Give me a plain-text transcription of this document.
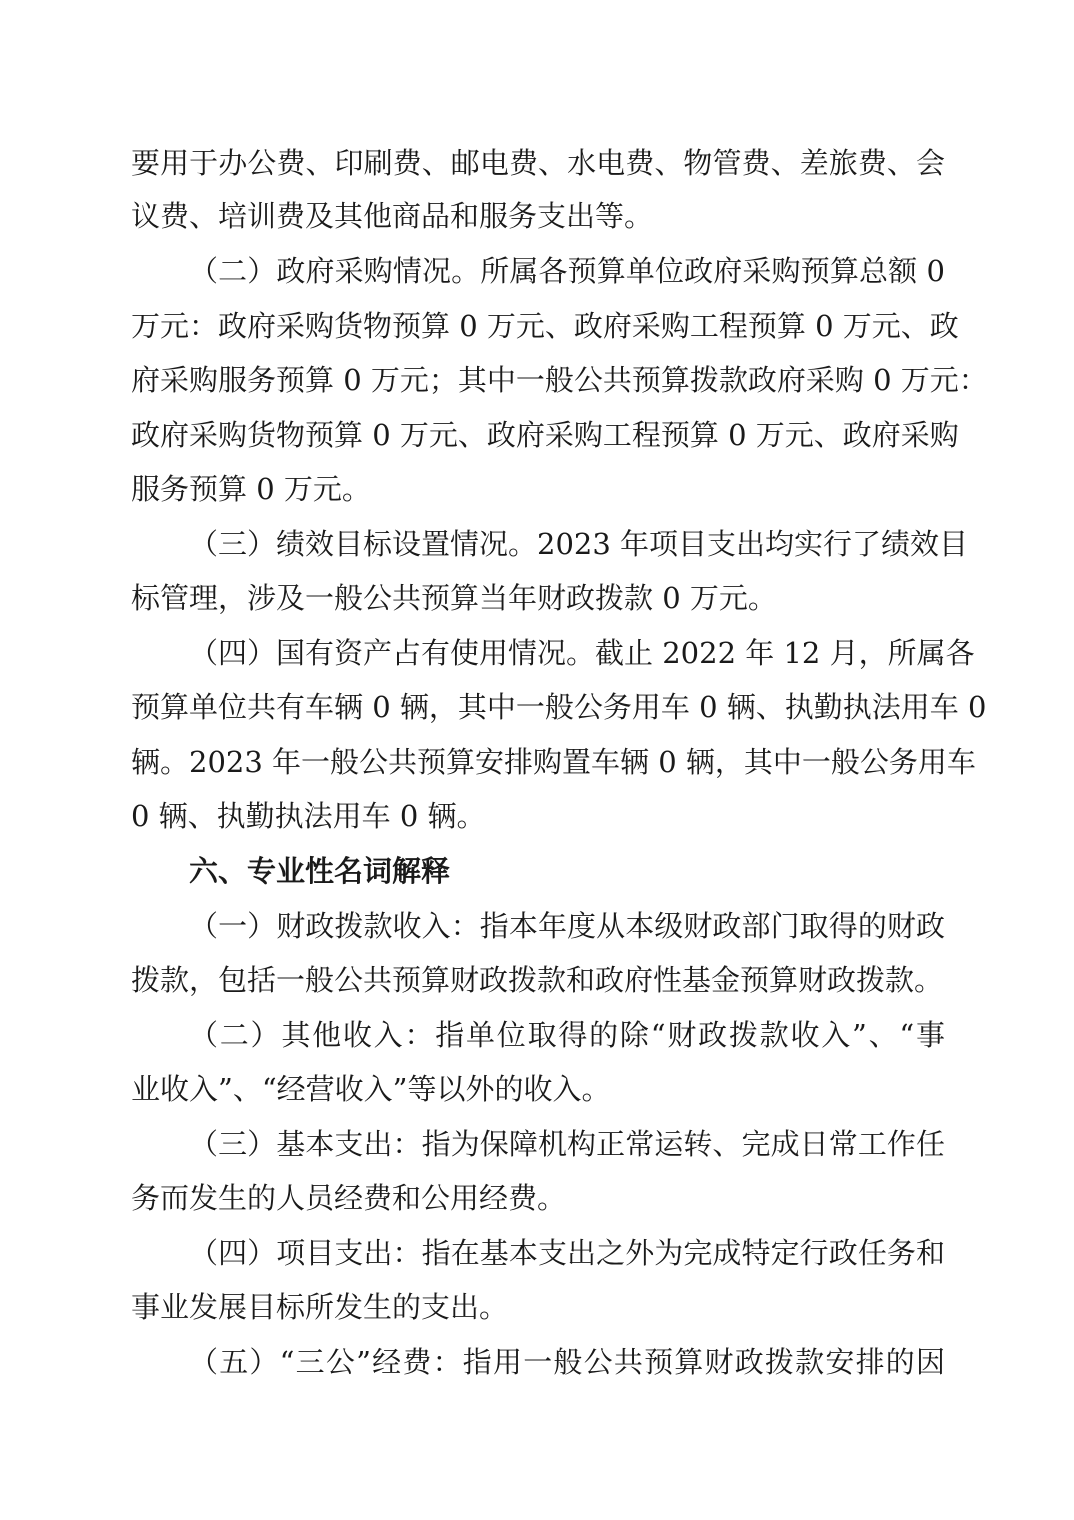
要用于办公费、印刷费、邮电费、水电费、物管费、差旅费、会
议费、培训费及其他商品和服务支出等。
（二）政府采购情况。所属各预算单位政府采购预算总额 0
万元：政府采购货物预算 0 万元、政府采购工程预算 0 万元、政
府采购服务预算 0 万元；其中一般公共预算拨款政府采购 0 万元：
政府采购货物预算 0 万元、政府采购工程预算 0 万元、政府采购
服务预算 0 万元。
（三）绩效目标设置情况。2023 年项目支出均实行了绩效目
标管理，涉及一般公共预算当年财政拨款 0 万元。
（四）国有资产占有使用情况。截止 2022 年 12 月，所属各
预算单位共有车辆 0 辆，其中一般公务用车 0 辆、执勤执法用车 0
辆。2023 年一般公共预算安排购置车辆 0 辆，其中一般公务用车
0 辆、执勤执法用车 0 辆。
六、专业性名词解释
（一）财政拨款收入：指本年度从本级财政部门取得的财政
拨款，包括一般公共预算财政拨款和政府性基金预算财政拨款。
（二）其他收入：指单位取得的除“财政拨款收入”、“事
业收入”、“经营收入”等以外的收入。
（三）基本支出：指为保障机构正常运转、完成日常工作任
务而发生的人员经费和公用经费。
（四）项目支出：指在基本支出之外为完成特定行政任务和
事业发展目标所发生的支出。
（五）“三公”经费：指用一般公共预算财政拨款安排的因
